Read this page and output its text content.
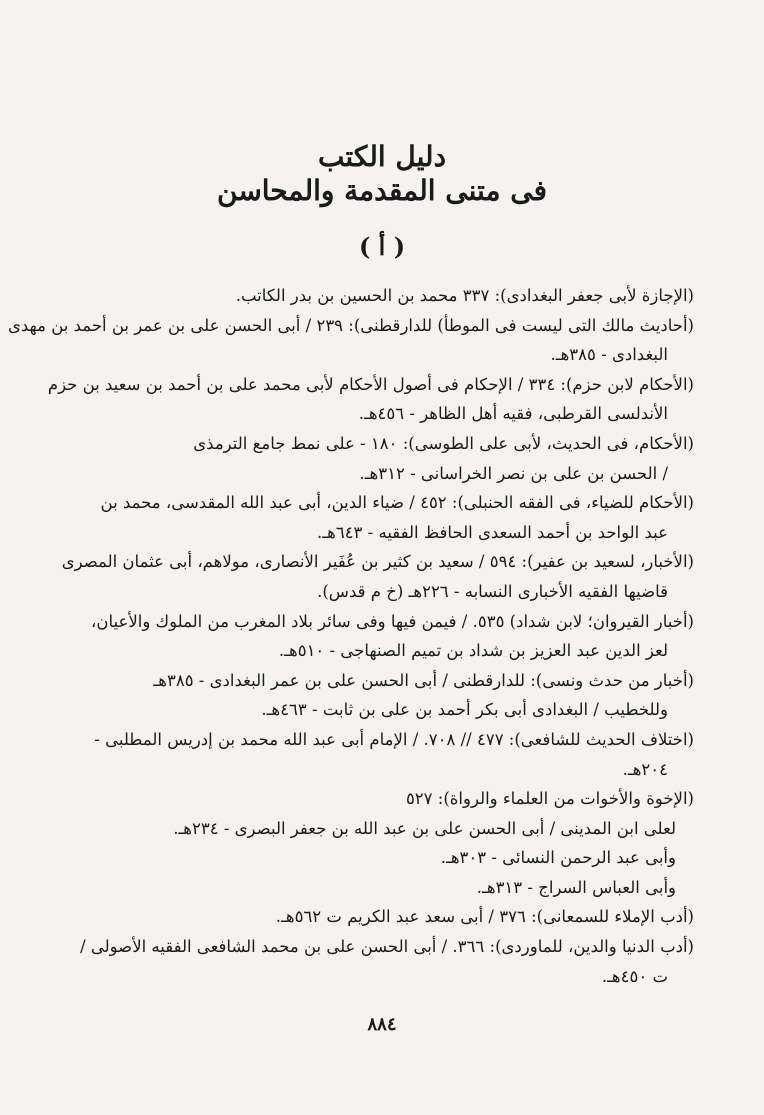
دليل الكتب
فى متنى المقدمة والمحاسن
( أ )
(الإجازة لأبى جعفر البغدادى): ٣٣٧ محمد بن الحسين بن بدر الكاتب.
(أحاديث مالك التى ليست فى الموطأ) للدارقطنى): ٢٣٩ / أبى الحسن على بن عمر بن أحمد بن مهدى
البغدادى - ٣٨٥هـ.
(الأحكام لابن حزم): ٣٣٤ / الإحكام فى أصول الأحكام لأبى محمد على بن أحمد بن سعيد بن حزم
الأندلسى القرطبى، فقيه أهل الظاهر - ٤٥٦هـ.
(الأحكام، فى الحديث، لأبى على الطوسى): ١٨٠ - على نمط جامع الترمذى
/ الحسن بن على بن نصر الخراسانى - ٣١٢هـ.
(الأحكام للضياء، فى الفقه الحنبلى): ٤٥٢ / ضياء الدين، أبى عبد الله المقدسى، محمد بن
عبد الواحد بن أحمد السعدى الحافظ الفقيه - ٦٤٣هـ.
(الأخبار، لسعيد بن عفير): ٥٩٤ / سعيد بن كثير بن عُفَير الأنصارى، مولاهم، أبى عثمان المصرى
قاضيها الفقيه الأخبارى النسابه - ٢٢٦هـ (خ م قدس).
(أخبار القيروان؛ لابن شداد) ٥٣٥. / فيمن فيها وفى سائر بلاد المغرب من الملوك والأعيان،
لعز الدين عبد العزيز بن شداد بن تميم الصنهاجى - ٥١٠هـ.
(أخبار من حدث ونسى): للدارقطنى / أبى الحسن على بن عمر البغدادى - ٣٨٥هـ
وللخطيب / البغدادى أبى بكر أحمد بن على بن ثابت - ٤٦٣هـ.
(اختلاف الحديث للشافعى): ٤٧٧ // ٧٠٨. / الإمام أبى عبد الله محمد بن إدريس المطلبى -
٢٠٤هـ.
(الإخوة والأخوات من العلماء والرواة): ٥٢٧
لعلى ابن المدينى / أبى الحسن على بن عبد الله بن جعفر البصرى - ٢٣٤هـ.
وأبى عبد الرحمن النسائى - ٣٠٣هـ.
وأبى العباس السراج - ٣١٣هـ.
(أدب الإملاء للسمعانى): ٣٧٦ / أبى سعد عبد الكريم ت ٥٦٢هـ.
(أدب الدنيا والدين، للماوردى): ٣٦٦. / أبى الحسن على بن محمد الشافعى الفقيه الأصولى /
ت ٤٥٠هـ.
٨٨٤
